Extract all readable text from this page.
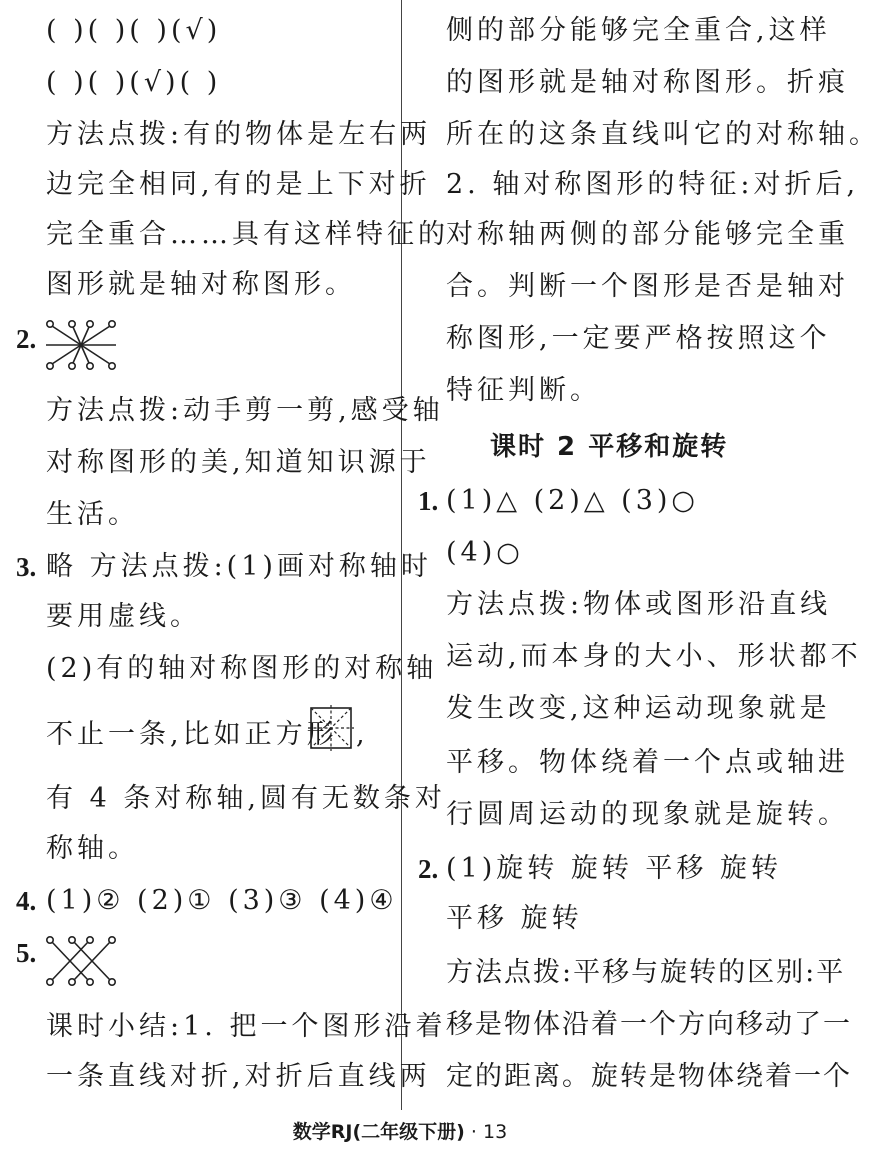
( )( )( )(√)
( )( )(√)( )
方法点拨:有的物体是左右两
边完全相同,有的是上下对折
完全重合……具有这样特征的
图形就是轴对称图形。
2.
方法点拨:动手剪一剪,感受轴
对称图形的美,知道知识源于
生活。
3. 略 方法点拨:(1)画对称轴时
要用虚线。
(2)有的轴对称图形的对称轴
不止一条,比如正方形 ,
有 4 条对称轴,圆有无数条对
称轴。
4. (1)② (2)① (3)③ (4)④
5.
课时小结:1. 把一个图形沿着
一条直线对折,对折后直线两
侧的部分能够完全重合,这样
的图形就是轴对称图形。折痕
所在的这条直线叫它的对称轴。
2. 轴对称图形的特征:对折后,
对称轴两侧的部分能够完全重
合。判断一个图形是否是轴对
称图形,一定要严格按照这个
特征判断。
课时 2 平移和旋转
1. (1)△ (2)△ (3)○
(4)○
方法点拨:物体或图形沿直线
运动,而本身的大小、形状都不
发生改变,这种运动现象就是
平移。物体绕着一个点或轴进
行圆周运动的现象就是旋转。
2. (1)旋转 旋转 平移 旋转
平移 旋转
方法点拨:平移与旋转的区别:平
移是物体沿着一个方向移动了一
定的距离。旋转是物体绕着一个
数学RJ(二年级下册) · 13
